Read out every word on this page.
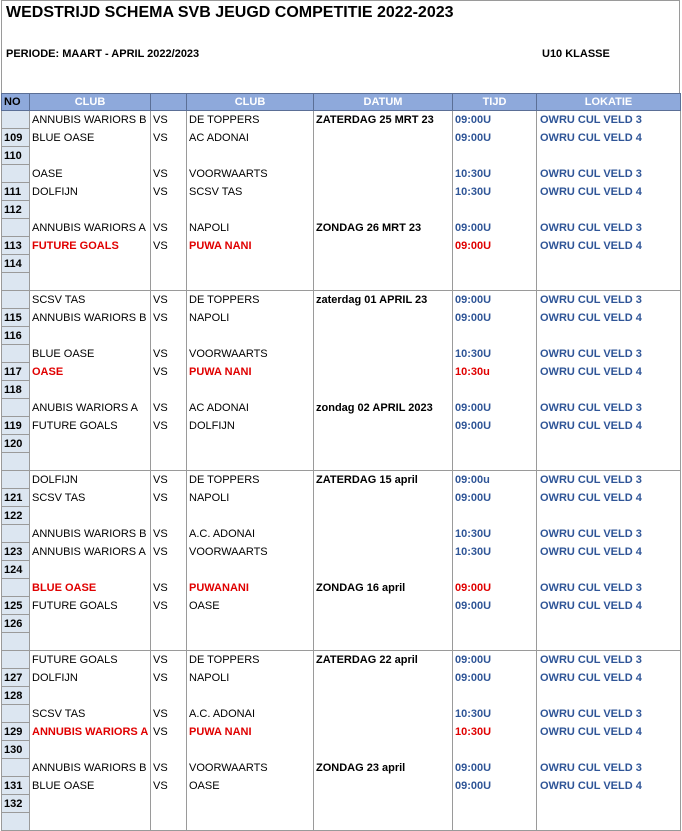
WEDSTRIJD SCHEMA SVB JEUGD COMPETITIE 2022-2023
PERIODE: MAART - APRIL 2022/2023	U10 KLASSE
NO	CLUB		CLUB	DATUM	TIJD	LOKATIE
	ANNUBIS WARIORS B	VS	DE TOPPERS	ZATERDAG 25 MRT 23	09:00U	OWRU CUL VELD 3
109	BLUE OASE	VS	AC ADONAI		09:00U	OWRU CUL VELD 4
110						
	OASE	VS	VOORWAARTS		10:30U	OWRU CUL VELD 3
111	DOLFIJN	VS	SCSV TAS		10:30U	OWRU CUL VELD 4
112						
	ANNUBIS WARIORS A	VS	NAPOLI	ZONDAG 26 MRT 23	09:00U	OWRU CUL VELD 3
113	FUTURE GOALS	VS	PUWA NANI		09:00U	OWRU CUL VELD 4
114						

	SCSV TAS	VS	DE TOPPERS	zaterdag 01 APRIL 23	09:00U	OWRU CUL VELD 3
115	ANNUBIS WARIORS B	VS	NAPOLI		09:00U	OWRU CUL VELD 4
116						
	BLUE OASE	VS	VOORWAARTS		10:30U	OWRU CUL VELD 3
117	OASE	VS	PUWA NANI		10:30u	OWRU CUL VELD 4
118						
	ANUBIS WARIORS A	VS	AC ADONAI	zondag 02 APRIL 2023	09:00U	OWRU CUL VELD 3
119	FUTURE GOALS	VS	DOLFIJN		09:00U	OWRU CUL VELD 4
120						

	DOLFIJN	VS	DE TOPPERS	ZATERDAG 15 april	09:00u	OWRU CUL VELD 3
121	SCSV TAS	VS	NAPOLI		09:00U	OWRU CUL VELD 4
122						
	ANNUBIS WARIORS B	VS	A.C. ADONAI		10:30U	OWRU CUL VELD 3
123	ANNUBIS WARIORS A	VS	VOORWAARTS		10:30U	OWRU CUL VELD 4
124						
	BLUE OASE	VS	PUWANANI	ZONDAG 16 april	09:00U	OWRU CUL VELD 3
125	FUTURE GOALS	VS	OASE		09:00U	OWRU CUL VELD 4
126						

	FUTURE GOALS	VS	DE TOPPERS	ZATERDAG 22 april	09:00U	OWRU CUL VELD 3
127	DOLFIJN	VS	NAPOLI		09:00U	OWRU CUL VELD 4
128						
	SCSV TAS	VS	A.C. ADONAI		10:30U	OWRU CUL VELD 3
129	ANNUBIS WARIORS A	VS	PUWA NANI		10:30U	OWRU CUL VELD 4
130						
	ANNUBIS WARIORS B	VS	VOORWAARTS	ZONDAG 23 april	09:00U	OWRU CUL VELD 3
131	BLUE OASE	VS	OASE		09:00U	OWRU CUL VELD 4
132						
